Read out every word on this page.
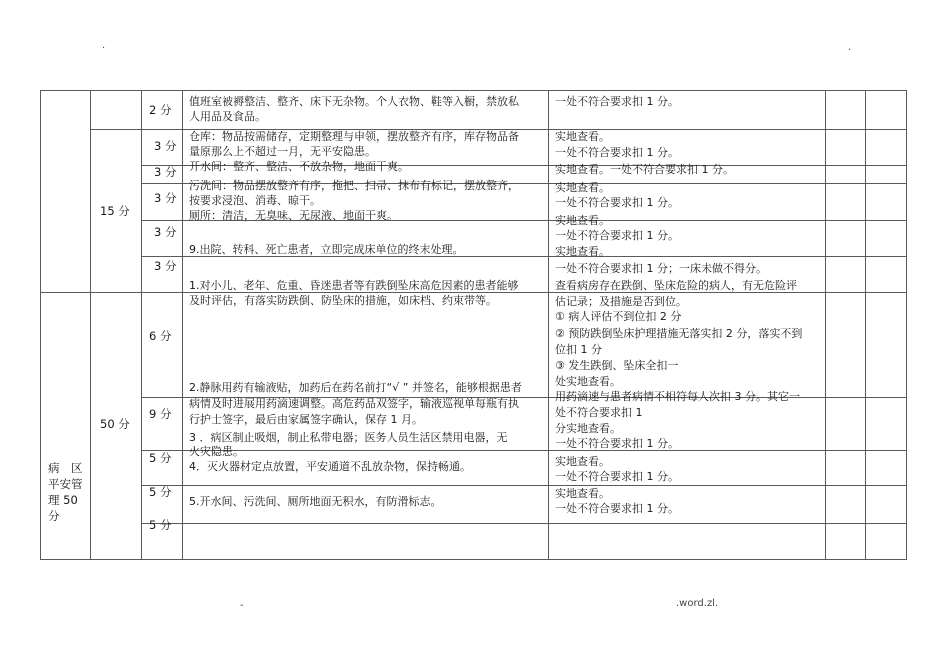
.	.
-	.word.zl.
病　区
平安管
理 50
分
15 分
50 分
2 分
3 分
3 分
3 分
3 分
3 分
6 分
9 分
5 分
5 分
5 分
值班室被褥整洁、整齐、床下无杂物。个人衣物、鞋等入橱，禁放私
人用品及食品。
仓库：物品按需储存，定期整理与申领，摆放整齐有序，库存物品备
量原那么上不超过一月，无平安隐患。
开水间：整齐、整洁、不放杂物，地面干爽。
污洗间：物品摆放整齐有序，拖把、扫帚、抹布有标记，摆放整齐，
按要求浸泡、消毒、晾干。
厕所：清洁，无臭味、无尿液、地面干爽。
9.出院、转科、死亡患者，立即完成床单位的终末处理。
1.对小儿、老年、危重、昏迷患者等有跌倒坠床高危因素的患者能够
及时评估，有落实防跌倒、防坠床的措施，如床档、约束带等。
2.静脉用药有输液贴，加药后在药名前打“√ ” 并签名，能够根据患者
病情及时进展用药滴速调整。高危药品双签字，输液巡视单每瓶有执
行护士签字，最后由家属签字确认，保存 1 月。
3 ．病区制止吸烟，制止私带电器；医务人员生活区禁用电器，无
火灾隐患。
4．灭火器材定点放置，平安通道不乱放杂物，保持畅通。
5.开水间、污洗间、厕所地面无积水，有防滑标志。
一处不符合要求扣 1 分。
实地查看。
一处不符合要求扣 1 分。
实地查看。一处不符合要求扣 1 分。
实地查看。
一处不符合要求扣 1 分。
实地查看。
一处不符合要求扣 1 分。
实地查看。
一处不符合要求扣 1 分；一床未做不得分。
查看病房存在跌倒、坠床危险的病人，有无危险评
估记录；及措施是否到位。
① 病人评估不到位扣 2 分
② 预防跌倒坠床护理措施无落实扣 2 分，落实不到
位扣 1 分
③ 发生跌倒、坠床全扣一
处实地查看。
用药滴速与患者病情不相符每人次扣 3 分。其它一
处不符合要求扣 1
分实地查看。
一处不符合要求扣 1 分。
实地查看。
一处不符合要求扣 1 分。
实地查看。
一处不符合要求扣 1 分。
